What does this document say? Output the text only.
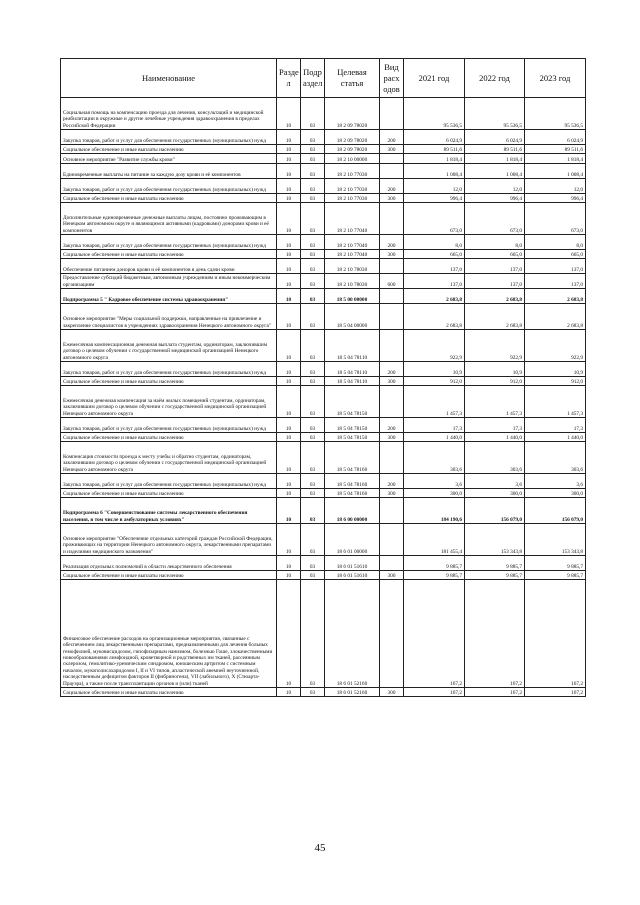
Наименование	Разде л	Подр аздел	Целевая статья	Вид расх одов	2021 год	2022 год	2023 год
Социальная помощь на компенсацию проезда для лечения, консультаций и медицинской реабилитации в окружные и другие лечебные учреждения здравоохранения в пределах Российской Федерации	10	03	18 2 09 78020		95 536,5	95 536,5	95 536,5
Закупка товаров, работ и услуг для обеспечения государственных (муниципальных) нужд	10	03	18 2 09 78020	200	6 024,9	6 024,9	6 024,9
Социальное обеспечение и иные выплаты населению	10	03	18 2 09 78020	300	89 511,6	89 511,6	89 511,6
Основное мероприятие "Развитие службы крови"	10	03	18 2 10 00000		1 818,4	1 818,4	1 818,4
Единовременные выплаты на питание за каждую дозу крови и её компонентов	10	03	18 2 10 77030		1 008,4	1 008,4	1 008,4
Закупка товаров, работ и услуг для обеспечения государственных (муниципальных) нужд	10	03	18 2 10 77030	200	12,0	12,0	12,0
Социальное обеспечение и иные выплаты населению	10	03	18 2 10 77030	300	996,4	996,4	996,4
Дополнительные единовременные денежные выплаты лицам, постоянно проживающим в Ненецком автономном округе и являющимся активными (кадровыми) донорами крови и её компонентов	10	03	18 2 10 77040		673,0	673,0	673,0
Закупка товаров, работ и услуг для обеспечения государственных (муниципальных) нужд	10	03	18 2 10 77040	200	8,0	8,0	8,0
Социальное обеспечение и иные выплаты населению	10	03	18 2 10 77040	300	665,0	665,0	665,0
Обеспечение питанием доноров крови и её компонентов в день сдачи крови	10	03	18 2 10 78030		137,0	137,0	137,0
Предоставление субсидий бюджетным, автономным учреждениям и иным некоммерческим организациям	10	03	18 2 10 78030	600	137,0	137,0	137,0
Подпрограмма 5 " Кадровое обеспечение системы здравоохранения"	10	03	18 5 00 00000		2 683,8	2 683,8	2 683,8
Основное мероприятие "Меры социальной поддержки, направленные на привлечение и закрепление специалистов в учреждениях здравоохранения Ненецкого автономного округа"	10	03	18 5 04 00000		2 683,8	2 683,8	2 683,8
Ежемесячная компенсационная денежная выплата студентам, ординаторам, заключившим договор о целевом обучении с государственной медицинской организацией Ненецкого автономного округа	10	03	18 5 04 78110		922,9	922,9	922,9
Закупка товаров, работ и услуг для обеспечения государственных (муниципальных) нужд	10	03	18 5 04 78110	200	10,9	10,9	10,9
Социальное обеспечение и иные выплаты населению	10	03	18 5 04 78110	300	912,0	912,0	912,0
Ежемесячная денежная компенсация за наём жилых помещений студентам, ординаторам, заключившим договор о целевом обучении с государственной медицинской организацией Ненецкого автономного округа	10	03	18 5 04 78150		1 457,3	1 457,3	1 457,3
Закупка товаров, работ и услуг для обеспечения государственных (муниципальных) нужд	10	03	18 5 04 78150	200	17,3	17,3	17,3
Социальное обеспечение и иные выплаты населению	10	03	18 5 04 78150	300	1 440,0	1 440,0	1 440,0
Компенсация стоимости проезда к месту учебы и обратно студентам, ординаторам, заключившим договор о целевом обучении с государственной медицинской организацией Ненецкого автономного округа	10	03	18 5 04 78160		303,6	303,6	303,6
Закупка товаров, работ и услуг для обеспечения государственных (муниципальных) нужд	10	03	18 5 04 78160	200	3,6	3,6	3,6
Социальное обеспечение и иные выплаты населению	10	03	18 5 04 78160	300	300,0	300,0	300,0
Подпрограмма 6 "Совершенствование системы лекарственного обеспечения населения, в том числе в амбулаторных условиях"	10	03	18 6 00 00000		184 190,6	156 079,0	156 079,0
Основное мероприятие "Обеспечение отдельных категорий граждан Российской Федерации, проживающих на территории Ненецкого автономного округа, лекарственными препаратами и изделиями медицинского назначения"	10	03	18 6 01 00000		181 455,4	153 343,8	153 343,8
Реализация отдельных полномочий в области лекарственного обеспечения	10	03	18 6 01 51610		9 885,7	9 885,7	9 885,7
Социальное обеспечение и иные выплаты населению	10	03	18 6 01 51610	300	9 885,7	9 885,7	9 885,7
Финансовое обеспечение расходов на организационные мероприятия, связанные с обеспечением лиц лекарственными препаратами, предназначенными для лечения больных гемофилией, муковисцидозом, гипофизарным нанизмом, болезнью Гоше, злокачественными новообразованиями лимфоидной, кроветворной и родственных им тканей, рассеянным склерозом, гемолитико-уремическим синдромом, юношеским артритом с системным началом, мукополисахаридозом I, II и VI типов, апластической анемией неуточненной, наследственным дефицитом факторов II (фибриногена), VII (лабильного), X (Стюарта-Прауэра), а также после трансплантации органов и (или) тканей	10	03	18 6 01 52160		167,2	167,2	167,2
Социальное обеспечение и иные выплаты населению	10	03	18 6 01 52160	300	167,2	167,2	167,2
45
